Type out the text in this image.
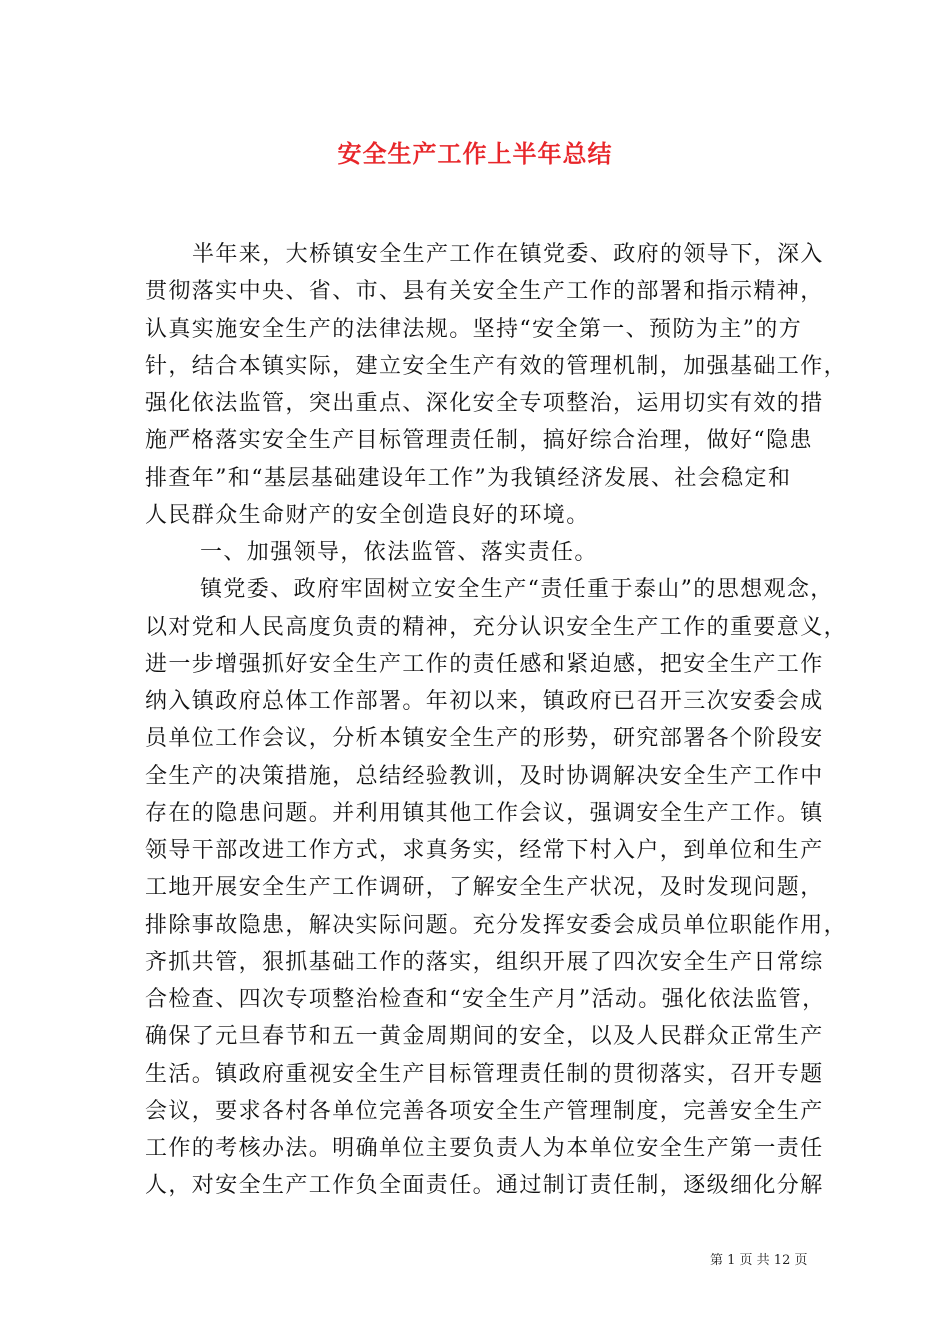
安全生产工作上半年总结
半年来，大桥镇安全生产工作在镇党委、政府的领导下，深入
贯彻落实中央、省、市、县有关安全生产工作的部署和指示精神，
认真实施安全生产的法律法规。坚持“安全第一、预防为主”的方
针，结合本镇实际，建立安全生产有效的管理机制，加强基础工作，
强化依法监管，突出重点、深化安全专项整治，运用切实有效的措
施严格落实安全生产目标管理责任制，搞好综合治理，做好“隐患
排查年”和“基层基础建设年工作”为我镇经济发展、社会稳定和
人民群众生命财产的安全创造良好的环境。
一、加强领导，依法监管、落实责任。
镇党委、政府牢固树立安全生产“责任重于泰山”的思想观念，
以对党和人民高度负责的精神，充分认识安全生产工作的重要意义，
进一步增强抓好安全生产工作的责任感和紧迫感，把安全生产工作
纳入镇政府总体工作部署。年初以来，镇政府已召开三次安委会成
员单位工作会议，分析本镇安全生产的形势，研究部署各个阶段安
全生产的决策措施，总结经验教训，及时协调解决安全生产工作中
存在的隐患问题。并利用镇其他工作会议，强调安全生产工作。镇
领导干部改进工作方式，求真务实，经常下村入户，到单位和生产
工地开展安全生产工作调研，了解安全生产状况，及时发现问题，
排除事故隐患，解决实际问题。充分发挥安委会成员单位职能作用，
齐抓共管，狠抓基础工作的落实，组织开展了四次安全生产日常综
合检查、四次专项整治检查和“安全生产月”活动。强化依法监管，
确保了元旦春节和五一黄金周期间的安全，以及人民群众正常生产
生活。镇政府重视安全生产目标管理责任制的贯彻落实，召开专题
会议，要求各村各单位完善各项安全生产管理制度，完善安全生产
工作的考核办法。明确单位主要负责人为本单位安全生产第一责任
人，对安全生产工作负全面责任。通过制订责任制，逐级细化分解
第 1 页 共 12 页
